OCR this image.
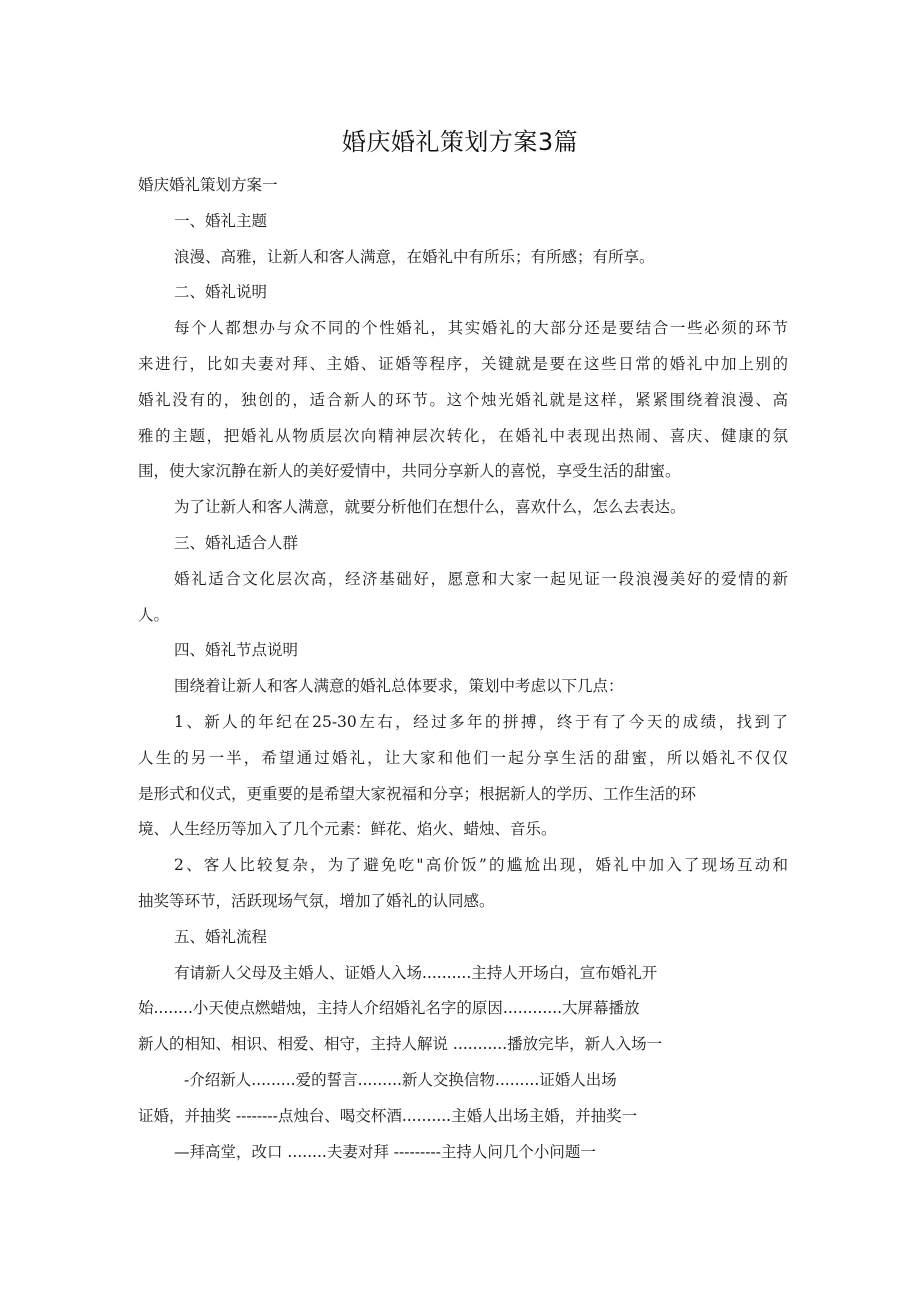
婚庆婚礼策划方案3篇
婚庆婚礼策划方案一
一、婚礼主题
浪漫、高雅，让新人和客人满意，在婚礼中有所乐；有所感；有所享。
二、婚礼说明
每个人都想办与众不同的个性婚礼，其实婚礼的大部分还是要结合一些必须的环节
来进行，比如夫妻对拜、主婚、证婚等程序，关键就是要在这些日常的婚礼中加上别的
婚礼没有的，独创的，适合新人的环节。这个烛光婚礼就是这样，紧紧围绕着浪漫、高
雅的主题，把婚礼从物质层次向精神层次转化，在婚礼中表现出热闹、喜庆、健康的氛
围，使大家沉静在新人的美好爱情中，共同分享新人的喜悦，享受生活的甜蜜。
为了让新人和客人满意，就要分析他们在想什么，喜欢什么，怎么去表达。
三、婚礼适合人群
婚礼适合文化层次高，经济基础好，愿意和大家一起见证一段浪漫美好的爱情的新
人。
四、婚礼节点说明
围绕着让新人和客人满意的婚礼总体要求，策划中考虑以下几点：
1、新人的年纪在25-30左右，经过多年的拼搏，终于有了今天的成绩，找到了
人生的另一半，希望通过婚礼，让大家和他们一起分享生活的甜蜜，所以婚礼不仅仅
是形式和仪式，更重要的是希望大家祝福和分享；根据新人的学历、工作生活的环
境、人生经历等加入了几个元素：鲜花、焰火、蜡烛、音乐。
2、客人比较复杂，为了避免吃"高价饭”的尴尬出现，婚礼中加入了现场互动和
抽奖等环节，活跃现场气氛，增加了婚礼的认同感。
五、婚礼流程
有请新人父母及主婚人、证婚人入场..........主持人开场白，宣布婚礼开
始........小天使点燃蜡烛，主持人介绍婚礼名字的原因............大屏幕播放
新人的相知、相识、相爱、相守，主持人解说 ...........播放完毕，新人入场一
-介绍新人.........爱的誓言.........新人交换信物.........证婚人出场
证婚，并抽奖 --------点烛台、喝交杯酒..........主婚人出场主婚，并抽奖一
—拜高堂，改口 ........夫妻对拜 ---------主持人问几个小问题一
